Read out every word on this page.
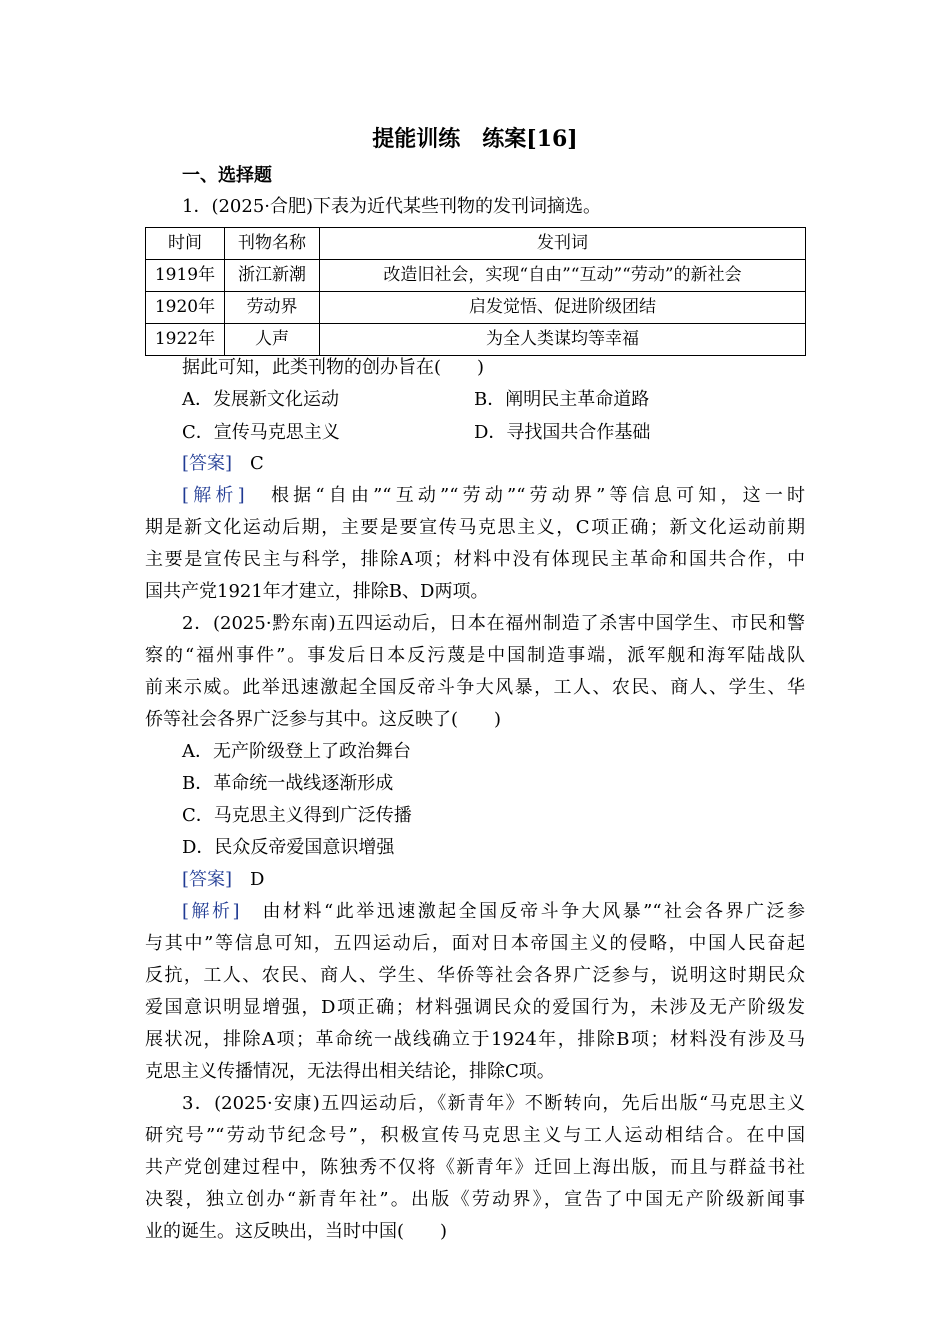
提能训练　练案[16]
一、选择题
1．(2025·合肥)下表为近代某些刊物的发刊词摘选。
时间	刊物名称	发刊词
1919年	浙江新潮	改造旧社会，实现“自由”“互动”“劳动”的新社会
1920年	劳动界	启发觉悟、促进阶级团结
1922年	人声	为全人类谋均等幸福
据此可知，此类刊物的创办旨在(　　)
A．发展新文化运动	B．阐明民主革命道路
C．宣传马克思主义	D．寻找国共合作基础
[答案]　 C
[解析]　 根据“自由”“互动”“劳动”“劳动界”等信息可知，这一时
期是新文化运动后期，主要是要宣传马克思主义，C项正确；新文化运动前期
主要是宣传民主与科学，排除A项；材料中没有体现民主革命和国共合作，中
国共产党1921年才建立，排除B、D两项。
2．(2025·黔东南)五四运动后，日本在福州制造了杀害中国学生、市民和警
察的“福州事件”。事发后日本反污蔑是中国制造事端，派军舰和海军陆战队
前来示威。此举迅速激起全国反帝斗争大风暴，工人、农民、商人、学生、华
侨等社会各界广泛参与其中。这反映了(　　)
A．无产阶级登上了政治舞台
B．革命统一战线逐渐形成
C．马克思主义得到广泛传播
D．民众反帝爱国意识增强
[答案]　 D
[解析]　 由材料“此举迅速激起全国反帝斗争大风暴”“社会各界广泛参
与其中”等信息可知，五四运动后，面对日本帝国主义的侵略，中国人民奋起
反抗，工人、农民、商人、学生、华侨等社会各界广泛参与，说明这时期民众
爱国意识明显增强，D项正确；材料强调民众的爱国行为，未涉及无产阶级发
展状况，排除A项；革命统一战线确立于1924年，排除B项；材料没有涉及马
克思主义传播情况，无法得出相关结论，排除C项。
3．(2025·安康)五四运动后，《新青年》不断转向，先后出版“马克思主义
研究号”“劳动节纪念号”，积极宣传马克思主义与工人运动相结合。在中国
共产党创建过程中，陈独秀不仅将《新青年》迁回上海出版，而且与群益书社
决裂，独立创办“新青年社”。出版《劳动界》，宣告了中国无产阶级新闻事
业的诞生。这反映出，当时中国(　　)
